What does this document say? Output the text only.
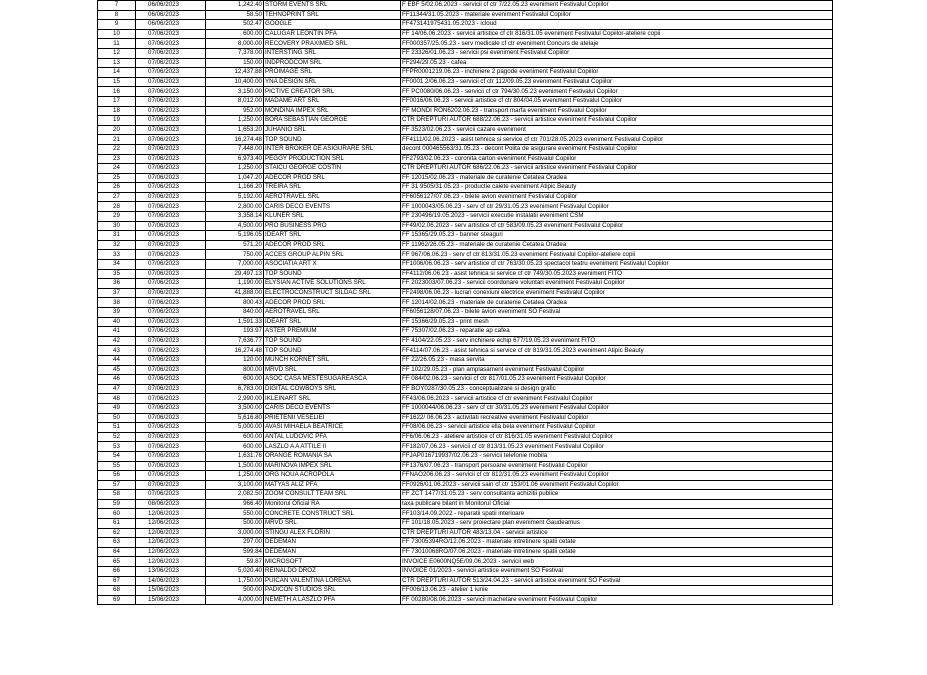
7	06/06/2023	1,242.40	STORM EVENTS SRL	F EBF 5/02.06.2023 - servicii cf ctr 7/22.05.23 eveniment Festivalul Copiilor
8	06/06/2023	58.50	TEHNOPRINT SRL	FF11344/31.05.2023 - materiale eveniment Festivalul Copiilor
9	06/06/2023	502.47	GOOGLE	FF473141975431.05.2023 - icloud
10	07/06/2023	600.00	CALUGAR LEONTIN PFA	FF 14/06.06.2023 - servicii artistice cf ctr 816/31.05 eveniment Festivalul Copiilor-ateliere copii
11	07/06/2023	8,000.00	RECOVERY PRAXIMED SRL	FF000357/25.05.23 - serv medicale cf ctr eveniment Concurs de atelaje
12	07/06/2023	7,378.00	INTERSTING SRL	FF 23326/01.06.23 - servicii psi eveniment Festivalul Copiilor
13	07/06/2023	150.00	INDPRODCOM SRL	FF294/29.05.23 - cafea
14	07/06/2023	12,437.88	PROIMAGE SRL	FFPR0001219.06.23 - inchiriere 2 pagode eveniment Festivalul Copiilor
15	07/06/2023	10,400.00	YNA DESIGN SRL	FF0001 2/06.06.23 - servicii cf ctr 112/09.05.23 eveniment Festivalul Copiilor
16	07/06/2023	3,150.00	PICTIVE CREATOR SRL	FF PC0080/06.06.23 - servicii cf ctr 794/30.05.23 eveniment Festivalul Copiilor
17	07/06/2023	8,012.00	MADAME ART SRL	FF0016/06.06.23 - servicii artistice cf ctr 804/04.05 eveniment Festivalul Copiilor
18	07/06/2023	952.00	MONDINA IMPEX SRL	FF MONDI RON6202.06.23 - transport marfa eveniment Festivalul Copiilor
19	07/06/2023	1,250.00	BORA SEBASTIAN GEORGE	CTR DREPTURI AUTOR 688/22.06.23 - servicii artistice eveniment Festivalul Copiilor
20	07/06/2023	1,653.20	JUHANIO SRL	FF 3523/02.06.23 - servicii cazare eveniment
21	07/06/2023	16,274.48	TOP SOUND	FF4111/02.06.2023 - asist tehnica si service cf ctr 701/28.05.2023 eveniment Festivalul Copiilor
22	07/06/2023	7,448.00	INTER BROKER DE ASIGURARE SRL	decont 000465563/31.05.23 - decont Polita de asigurare eveniment Festivalul Copiilor
23	07/06/2023	6,973.40	PEGGY PRODUCTION SRL	FF2793/02.06.23 - coronita carton eveniment Festivalul Copiilor
24	07/06/2023	1,250.00	STAICU GEORGE COSTIN	CTR DREPTURI AUTOR 686/22.06.23 - servicii artistice eveniment Festivalul Copiilor
25	07/06/2023	1,047.20	ADECOR PROD SRL	FF 12015/02.06.23 - materiale de curatenie Cetatea Oradea
26	07/06/2023	1,166.20	TREIRA SRL	FF 31 9505/31.05.23 - productie caiete eveniment Atipic Beauty
27	07/06/2023	5,192.00	AEROTRAVEL SRL	FF6056127/07.06.23 - bilete avion eveniment Festivalul Copiilor
28	07/06/2023	2,800.00	CARIS DECO EVENTS	FF 1000043/05.06.23 - serv cf ctr 29/31.05.23 eveniment Festivalul Copiilor
29	07/06/2023	3,358.14	KLUNER SRL	FF 230496/19.05.2023 - servicii executie instalatii eveniment CSM
30	07/06/2023	4,500.00	PRO BUSINESS PRO	FF49/02.06.2023 - serv artistice cf ctr 583/09.05.23 eveniment Festivalul Copiilor
31	07/06/2023	5,196.05	IDEART SRL	FF 15365/29.05.23 - banner steaguri
32	07/06/2023	571.20	ADECOR PROD SRL	FF 11962/26.05.23 - materiale de curatenie Cetatea Oradea
33	07/06/2023	750.00	ACCES GROUP ALPIN SRL	FF 967/06.06.23 - serv cf ctr 813/31.05.23 eveniment Festivalul Copiilor-ateliere copii
34	07/06/2023	7,000.00	ASOCIATIA ART X	FF1006/06.06.23 - serv artistice cf ctr 763/30.05.23 spectacol teatru eveniment Festivalul Copiilor
35	07/06/2023	29,497.13	TOP SOUND	FF4112/06.06.23 - asist tehnica si service cf ctr 749/30.05.2023 eveniment FITO
36	07/06/2023	1,190.00	ELYSIAN ACTIVE SOLUTIONS SRL	FF 2023003/07.06.23 - servicii coordonare voluntari eveniment Festivalul Copiilor
37	07/06/2023	41,888.00	ELECTROCONSTRUCT SILDAC SRL	FF2498/06.06.23 - lucrari conexiuni electrice eveniment Festivalul Copiilor
38	07/06/2023	800.43	ADECOR PROD SRL	FF 12014/02.06.23 - materiale de curatenie Cetatea Oradea
39	07/06/2023	840.00	AEROTRAVEL SRL	FF6056128/07.06.23 - bilete avion eveniment SO Festival
40	07/06/2023	1,591.33	IDEART SRL	FF 15366/29.05.23 - print mesh
41	07/06/2023	193.97	ASTER PREMIUM	FF 75307/02.06.23 - reparatie ap cafea
42	07/06/2023	7,636.77	TOP SOUND	FF 4104/22.05.23 - serv inchiriere echip 677/19.05.23 eveniment FITO
43	07/06/2023	16,274.48	TOP SOUND	FF4114/07.06.23 - asist tehnica si service cf ctr 819/31.05.2023 eveniment Atipic Beauty
44	07/06/2023	120.00	MUNCH KORNET SRL	FF 22/26.05.23 - masa servita
45	07/06/2023	800.00	MRVD SRL	FF 102/29.05.23 - plan amplasament eveniment Festivalul Copiilor
46	07/06/2023	600.00	ASOC CASA MESTESUGAREASCA	FF 084/02.06.23 - servicii cf ctr 817/01.05.23 eveniment Festivalul Copiilor
47	07/06/2023	6,783.00	DIGITAL COWBOYS SRL	FF BOY0287/30.05.23 - conceptualizare si design grafic
48	07/06/2023	2,990.00	IKLEINART SRL	FF43/06.06.2023 - servicii artistice cf ctr eveniment Festivalul Copiilor
49	07/06/2023	3,500.00	CARIS DECO EVENTS	FF 1000044/06.06.23 - serv cf ctr 30/31.05.23 eveniment Festivalul Copiilor
50	07/06/2023	5,616.80	PRIETENII VESELIEI	FF1622/ 06.06.23 - activitati recreative eveniment Festivalul Copiilor
51	07/06/2023	5,000.00	AVASI MIHAELA BEATRICE	FF08/06.06.23 - servicii artistice ella bela eveniment Festivalul Copiilor
52	07/06/2023	600.00	ANTAL LUDOVIC PFA	FF6/06.06.23 - ateliere artistice cf ctr 816/31.05 eveniment Festivalul Copiilor
53	07/06/2023	600.00	LASZLO A A ATTILE II	FF182/07.06.23 - servicii cf ctr 813/31.05.23 eveniment Festivalul Copiilor
54	07/06/2023	1,631.76	ORANGE ROMANIA SA	FFJAP016719937/02.06.23 - servicii telefonie mobila
55	07/06/2023	1,500.00	MARINOVA IMPEX SRL	FF1376/07.06.23 - transport persoane eveniment Festivalul Copiilor
56	07/06/2023	1,250.00	ORG NOUA ACROPOLA	FFNAO206.06.23 - servicii cf ctr 812/31.05.23 eveniment Festivalul Copiilor
57	07/06/2023	3,100.00	MATYAS ALIZ PFA	FF0926/01.06.2023 - servicii sain cf ctr 153/01.06 eveniment Festivalul Copiilor
58	07/06/2023	2,082.50	ZOOM CONSULT TEAM SRL	FF ZCT 1477/31.05.23 - serv consultanta achizitii publice
59	08/06/2023	966.40	Monitorul Oficial RA	taxa publicare bilant in Monitorul Oficial
60	12/06/2023	550.00	CONCRETE CONSTRUCT SRL	FF103/14.09.2022 - reparatii spatii interioare
61	12/06/2023	500.00	MRVD SRL	FF 101/18.05.2023 - serv proiectare plan eveniment Gaudeamus
62	12/06/2023	3,000.00	STINGU ALEX FLORIN	CTR DREPTURI AUTOR 483/13.04 - servicii artistice
63	12/06/2023	297.00	DEDEMAN	FF 73005394RO/12.06.2023 - materiale intretinere spatii cetate
64	12/06/2023	599.84	DEDEMAN	FF 73010068RO/07.06.2023 - materiale intretinere spatii cetate
65	12/06/2023	59.87	MICROSOFT	INVOICE E0600NQ5E/09.06.2023 - servicii web
66	13/06/2023	5,020.40	REINALDO DROZ	INVOICE 01/2023 - servicii artistice eveniment SO Festival
67	14/06/2023	1,750.00	PUICAN VALENTINA LORENA	CTR DREPTURI AUTOR 513/24.04.23 - servicii artistice eveniment SO Festival
68	15/06/2023	500.00	PADICON STUDIOS SRL	FF006/13.06.23 - atelier 1 iunie
69	15/06/2023	4,000.00	NEMETH A LASZLO PFA	FF 00280/08.06.2023 - servicii machetare eveniment Festivalul Copiilor
